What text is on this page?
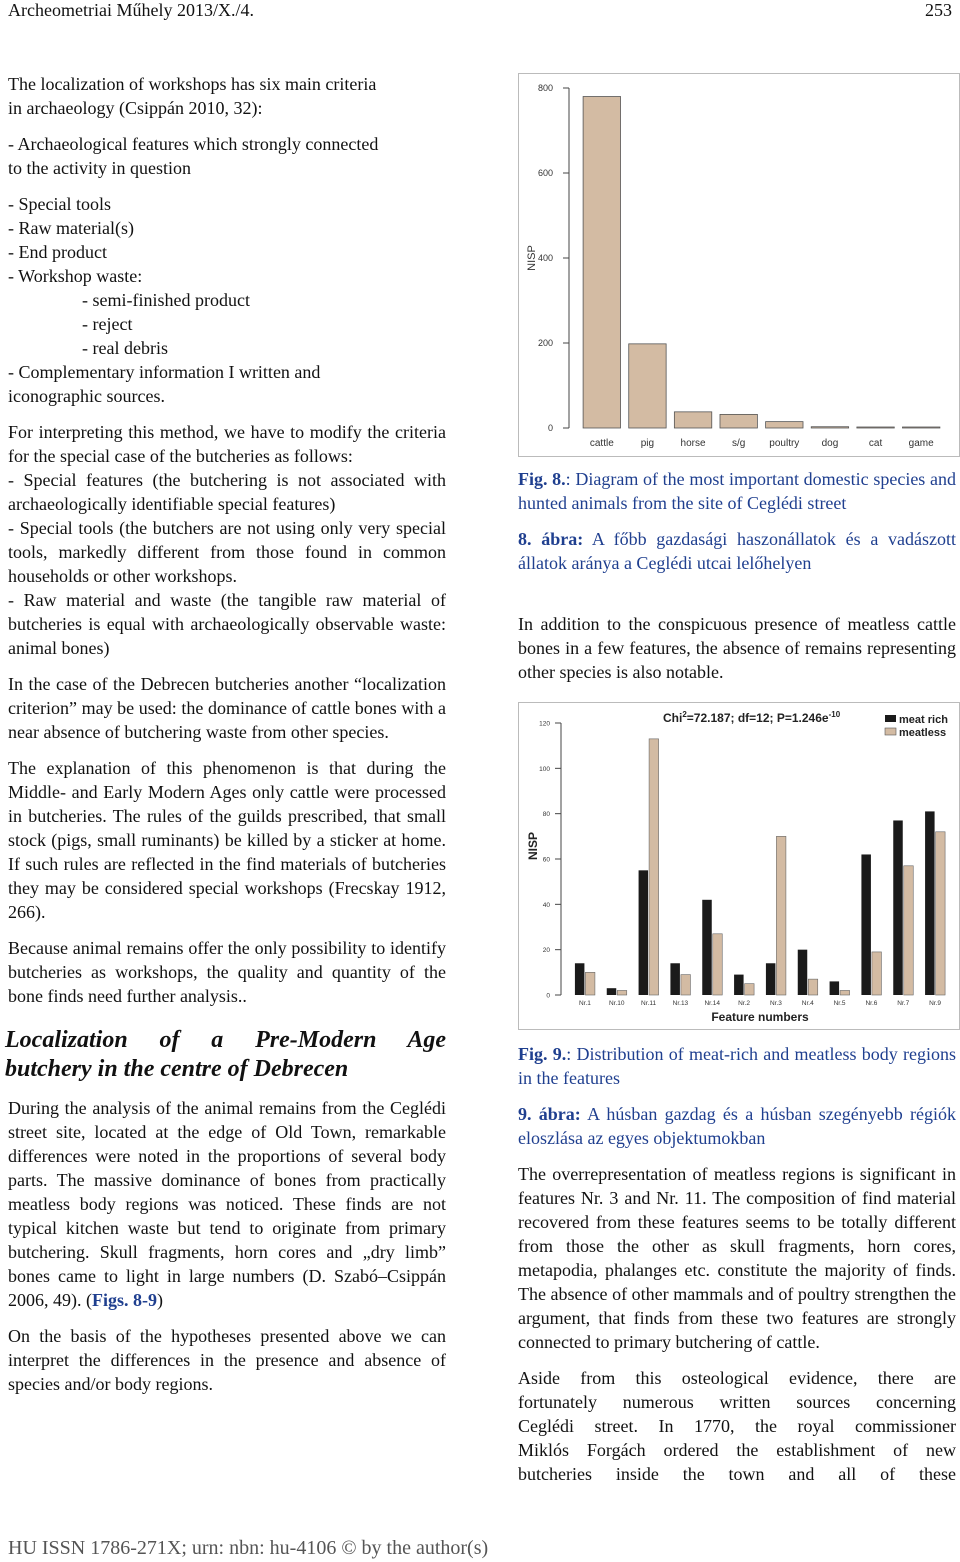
Archeometriai Műhely 2013/X./4.	253
The localization of workshops has six main criteria
in archaeology (Csippán 2010, 32):
- Archaeological features which strongly connected
to the activity in question
- Special tools
- Raw material(s)
- End product
- Workshop waste:
- semi-finished product
- reject
- real debris
- Complementary information I written and
iconographic sources.

For interpreting this method, we have to modify the criteria for the special case of the butcheries as follows:

- Special features (the butchering is not associated with archaeologically identifiable special features)

- Special tools (the butchers are not using only very special tools, markedly different from those found in common households or other workshops.

- Raw material and waste (the tangible raw material of butcheries is equal with archaeologically observable waste: animal bones)

In the case of the Debrecen butcheries another “localization criterion” may be used: the dominance of cattle bones with a near absence of butchering waste from other species.

The explanation of this phenomenon is that during the Middle- and Early Modern Ages only cattle were processed in butcheries. The rules of the guilds prescribed, that small stock (pigs, small ruminants) be killed by a sticker at home. If such rules are reflected in the find materials of butcheries they may be considered special workshops (Frecskay 1912, 266).

Because animal remains offer the only possibility to identify butcheries as workshops, the quality and quantity of the bone finds need further analysis..

Localization of a Pre-Modern Age
butchery in the centre of Debrecen

During the analysis of the animal remains from the Ceglédi street site, located at the edge of Old Town, remarkable differences were noted in the proportions of several body parts. The massive dominance of bones from practically meatless body regions was noticed. These finds are not typical kitchen waste but tend to originate from primary butchering. Skull fragments, horn cores and „dry limb” bones came to light in large numbers (D. Szabó–Csippán 2006, 49). (Figs. 8-9)

On the basis of the hypotheses presented above we can interpret the differences in the presence and absence of species and/or body regions.

0
200
400
600
800
NISP
cattle	pig	horse	s/g poultry dog	cat	game

Fig. 8.: Diagram of the most important domestic species and hunted animals from the site of Ceglédi street

8. ábra: A főbb gazdasági haszonállatok és a vadászott állatok aránya a Ceglédi utcai lelőhelyen

In addition to the conspicuous presence of meatless cattle bones in a few features, the absence of remains representing other species is also notable.

0
20
40
60
80
100
120
NISP
Chi$^2$=72.187; df=12; $P=1.246e^{-10}$	meat rich
meatless
Nr.1	Nr.10	Nr.11	Nr.13	Nr.14	Nr.2	Nr.3	Nr.4	Nr.5	Nr.6	Nr.7	Nr.9
Feature numbers

Fig. 9.: Distribution of meat-rich and meatless body regions in the features

9. ábra: A húsban gazdag és a húsban szegényebb régiók eloszlása az egyes objektumokban

The overrepresentation of meatless regions is significant in features Nr. 3 and Nr. 11. The composition of find material recovered from these features seems to be totally different from those the other as skull fragments, horn cores, metapodia, phalanges etc. constitute the majority of finds. The absence of other mammals and of poultry strengthen the argument, that finds from these two features are strongly connected to primary butchering of cattle.

Aside from this osteological evidence, there are
fortunately numerous written sources concerning
Ceglédi street. In 1770, the royal commissioner
Miklós Forgách ordered the establishment of new
butcheries inside the town and all of these
HU ISSN 1786-271X; urn: nbn: hu-4106 © by the author(s)
